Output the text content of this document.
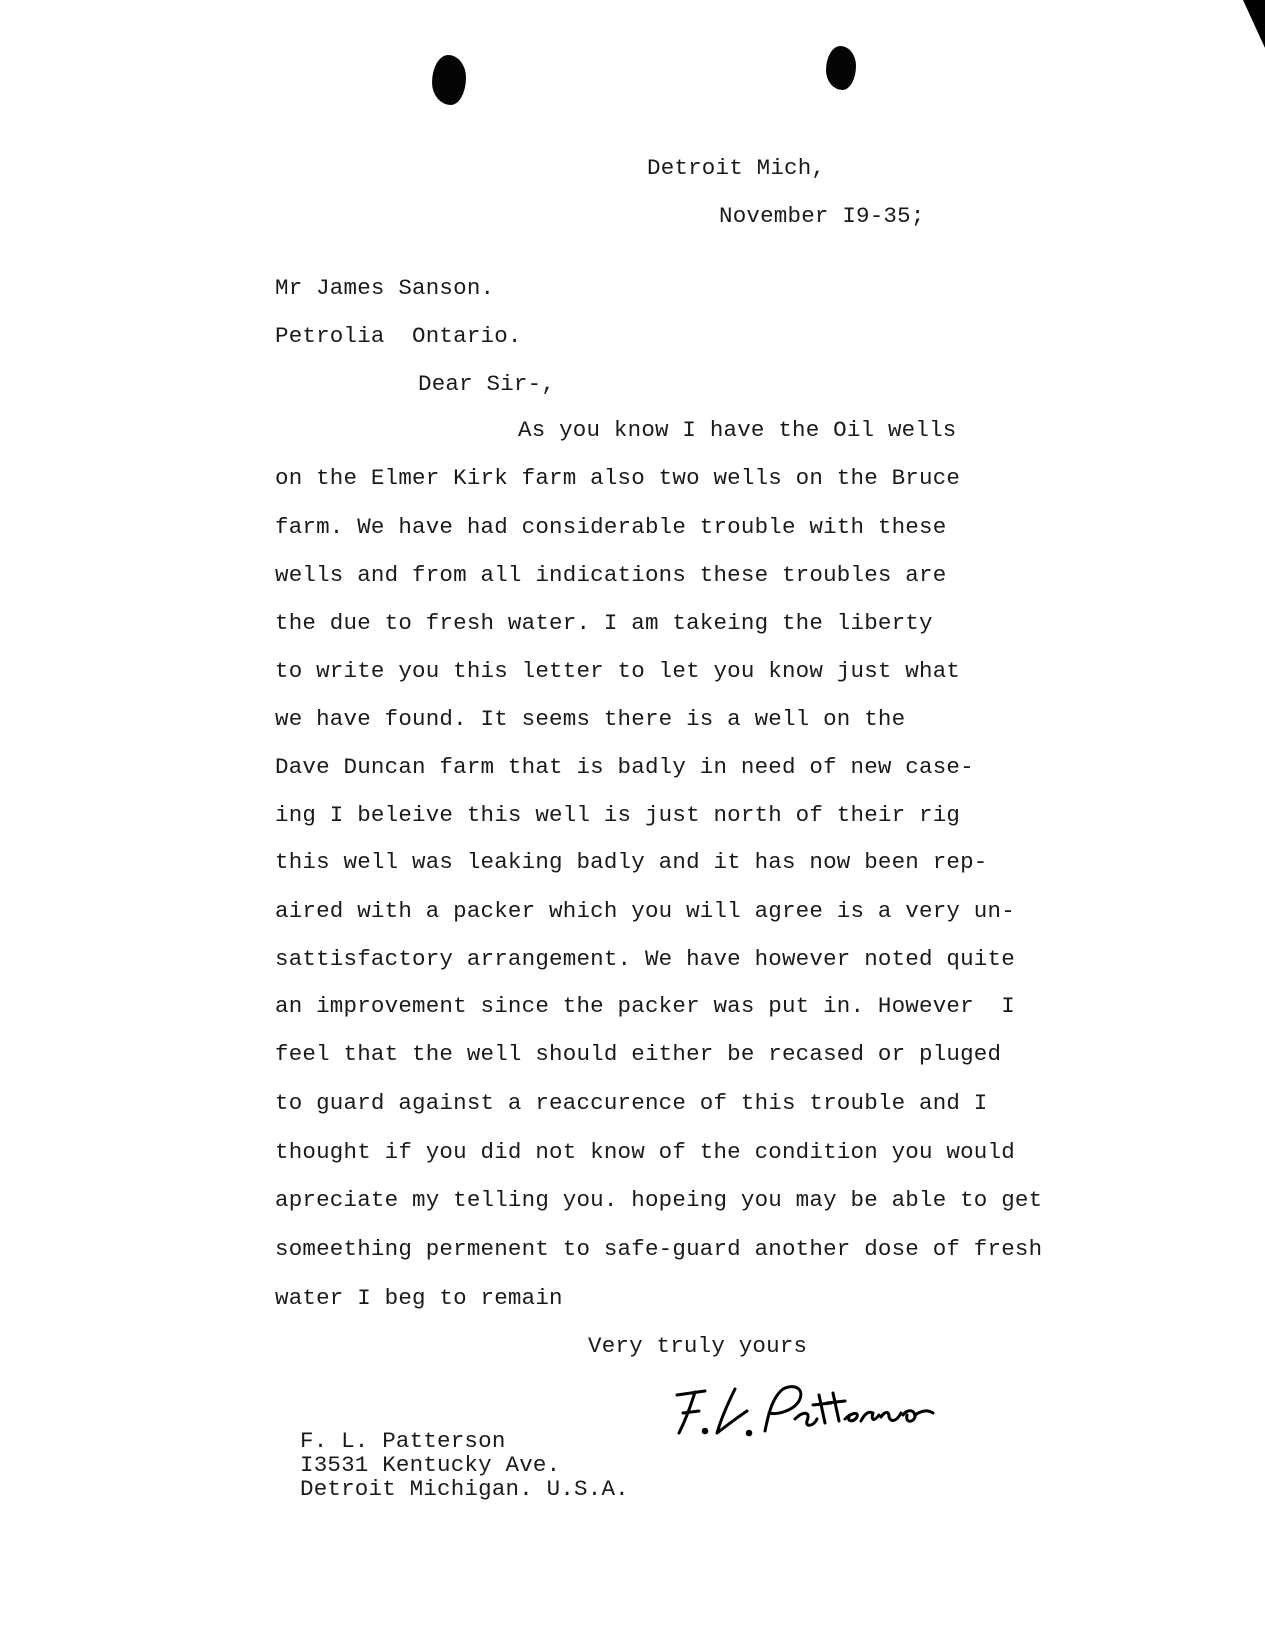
Detroit Mich,
November I9-35;
Mr James Sanson.
Petrolia  Ontario.
Dear Sir-,
As you know I have the Oil wells
on the Elmer Kirk farm also two wells on the Bruce
farm. We have had considerable trouble with these
wells and from all indications these troubles are
the due to fresh water. I am takeing the liberty
to write you this letter to let you know just what
we have found. It seems there is a well on the
Dave Duncan farm that is badly in need of new case-
ing I beleive this well is just north of their rig
this well was leaking badly and it has now been rep-
aired with a packer which you will agree is a very un-
sattisfactory arrangement. We have however noted quite
an improvement since the packer was put in. However  I
feel that the well should either be recased or pluged
to guard against a reaccurence of this trouble and I
thought if you did not know of the condition you would
apreciate my telling you. hopeing you may be able to get
someething permenent to safe-guard another dose of fresh
water I beg to remain
Very truly yours
F. L. Patterson
I3531 Kentucky Ave.
Detroit Michigan. U.S.A.
